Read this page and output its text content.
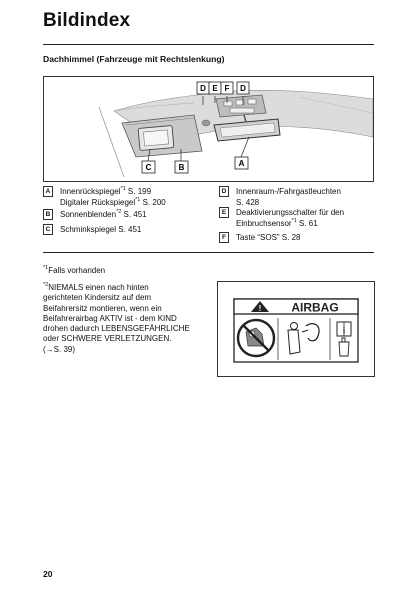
Bildindex
Dachhimmel (Fahrzeuge mit Rechtslenkung)
D E F D
A
C	B
A Innenrückspiegel$^{*1}$ S. 199
Digitaler Rückspiegel$^{*1}$ S. 200
B Sonnenblenden$^{*2}$ S. 451
C Schminkspiegel S. 451
D Innenraum-/Fahrgastleuchten
S. 428
E Deaktivierungsschalter für den
Einbruchsensor$^{*1}$ S. 61
F Taste “SOS” S. 28
$^{*1}$Falls vorhanden
$^{*2}$NIEMALS einen nach hinten
gerichteten Kindersitz auf dem
Beifahrersitz montieren, wenn ein
Beifahrerairbag AKTIV ist - dem KIND
drohen dadurch LEBENSGEFÄHRLICHE
oder SCHWERE VERLETZUNGEN.
(→S. 39)
! AIRBAG
i
20
